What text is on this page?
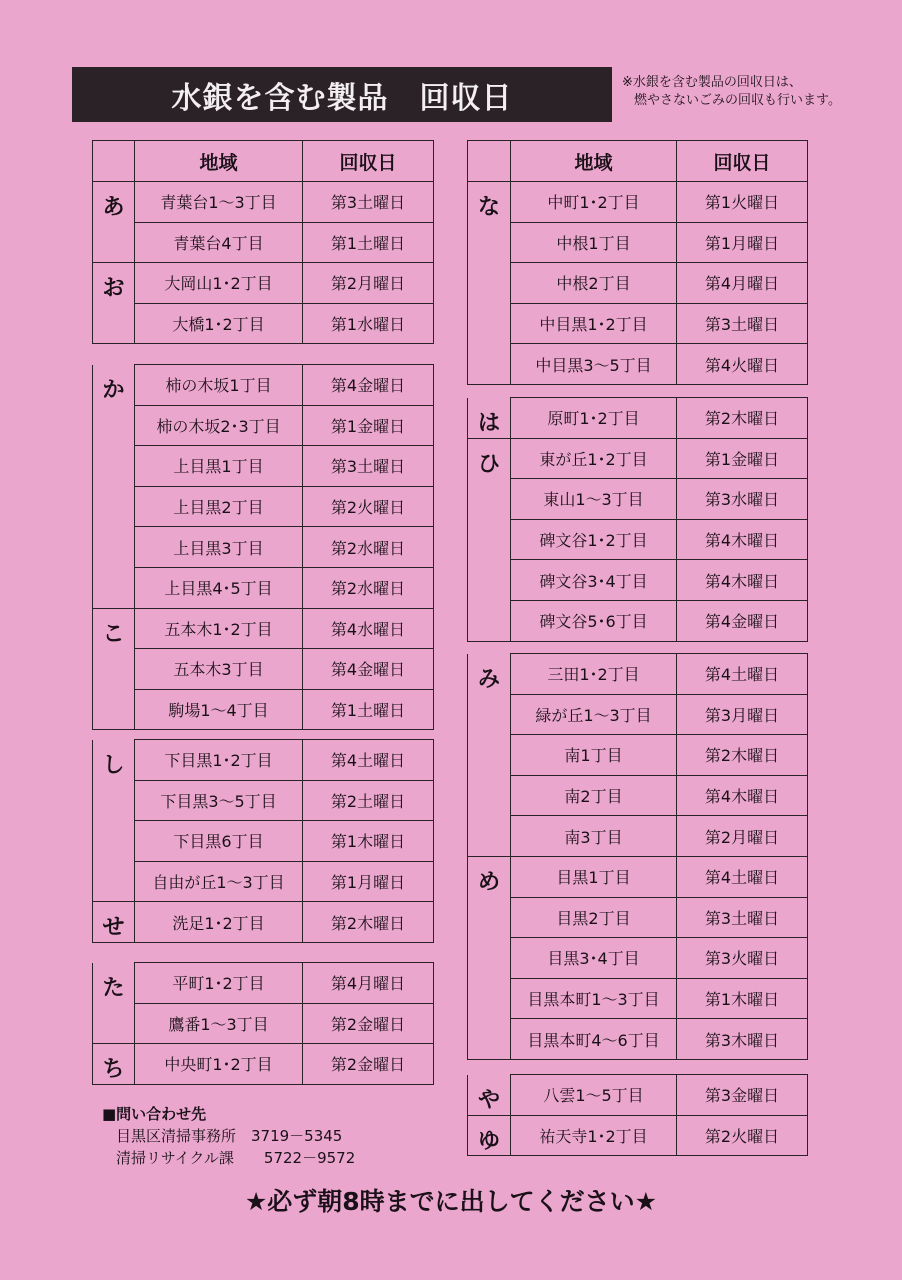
水銀を含む製品　回収日	※水銀を含む製品の回収日は、
燃やさないごみの回収も行います。
	地域	回収日
あ	青葉台1～3丁目	第3土曜日
	青葉台4丁目	第1土曜日
お	大岡山1･2丁目	第2月曜日
	大橋1･2丁目	第1水曜日
か	柿の木坂1丁目	第4金曜日
	柿の木坂2･3丁目	第1金曜日
	上目黒1丁目	第3土曜日
	上目黒2丁目	第2火曜日
	上目黒3丁目	第2水曜日
	上目黒4･5丁目	第2水曜日
こ	五本木1･2丁目	第4水曜日
	五本木3丁目	第4金曜日
	駒場1～4丁目	第1土曜日
し	下目黒1･2丁目	第4土曜日
	下目黒3～5丁目	第2土曜日
	下目黒6丁目	第1木曜日
	自由が丘1～3丁目	第1月曜日
せ	洗足1･2丁目	第2木曜日
た	平町1･2丁目	第4月曜日
	鷹番1～3丁目	第2金曜日
ち	中央町1･2丁目	第2金曜日
	地域	回収日
な	中町1･2丁目	第1火曜日
	中根1丁目	第1月曜日
	中根2丁目	第4月曜日
	中目黒1･2丁目	第3土曜日
	中目黒3～5丁目	第4火曜日
は	原町1･2丁目	第2木曜日
ひ	東が丘1･2丁目	第1金曜日
	東山1～3丁目	第3水曜日
	碑文谷1･2丁目	第4木曜日
	碑文谷3･4丁目	第4木曜日
	碑文谷5･6丁目	第4金曜日
み	三田1･2丁目	第4土曜日
	緑が丘1～3丁目	第3月曜日
	南1丁目	第2木曜日
	南2丁目	第4木曜日
	南3丁目	第2月曜日
め	目黒1丁目	第4土曜日
	目黒2丁目	第3土曜日
	目黒3･4丁目	第3火曜日
	目黒本町1～3丁目	第1木曜日
	目黒本町4～6丁目	第3木曜日
や	八雲1～5丁目	第3金曜日
ゆ	祐天寺1･2丁目	第2火曜日
■問い合わせ先
目黒区清掃事務所　3719－5345
清掃リサイクル課　　5722－9572
★必ず朝8時までに出してください★
